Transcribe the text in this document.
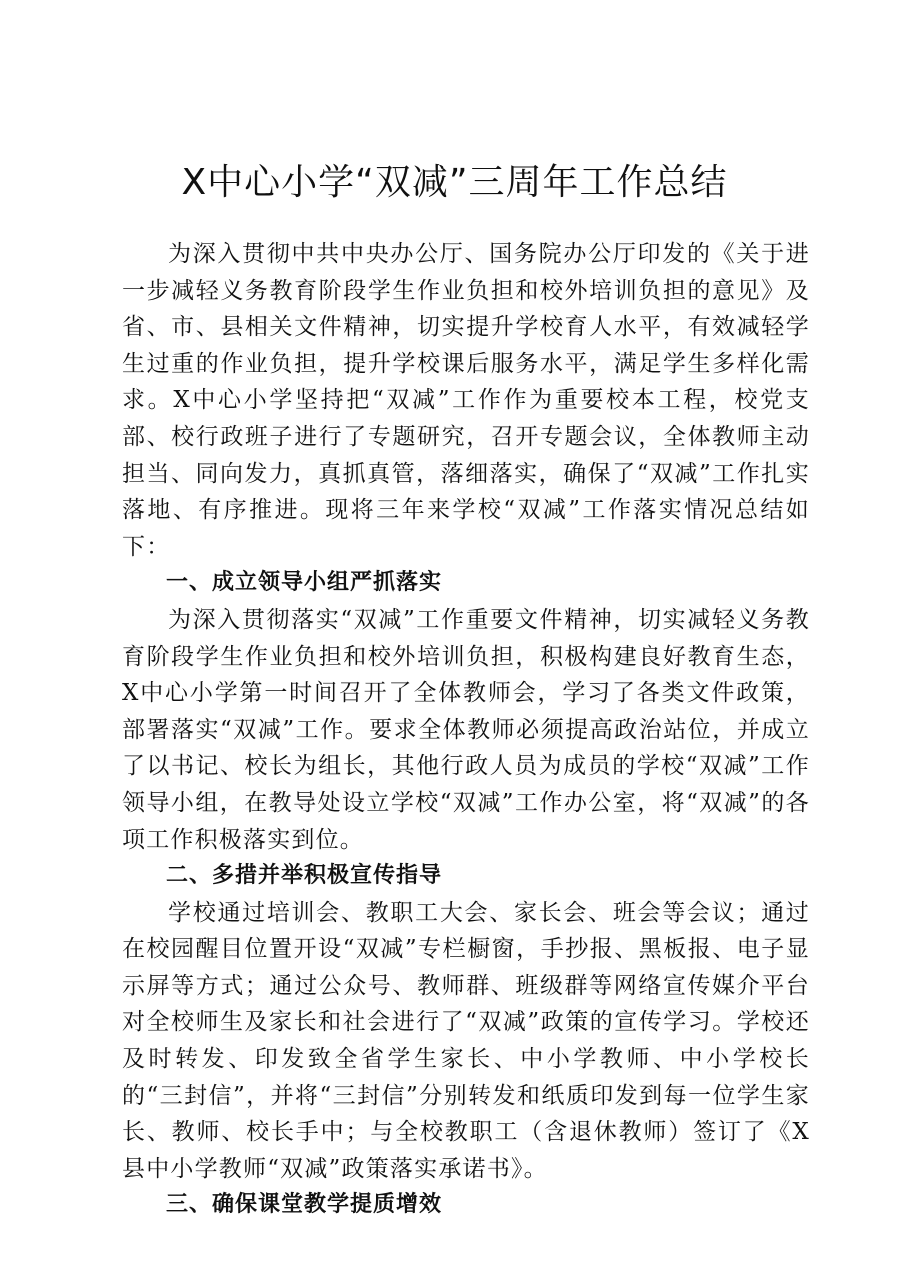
X中心小学“双减”三周年工作总结

为深入贯彻中共中央办公厅、国务院办公厅印发的《关于进一步减轻义务教育阶段学生作业负担和校外培训负担的意见》及省、市、县相关文件精神，切实提升学校育人水平，有效减轻学生过重的作业负担，提升学校课后服务水平，满足学生多样化需求。X中心小学坚持把“双减”工作作为重要校本工程，校党支部、校行政班子进行了专题研究，召开专题会议，全体教师主动担当、同向发力，真抓真管，落细落实，确保了“双减”工作扎实落地、有序推进。现将三年来学校“双减”工作落实情况总结如下：

一、成立领导小组严抓落实

为深入贯彻落实“双减”工作重要文件精神，切实减轻义务教育阶段学生作业负担和校外培训负担，积极构建良好教育生态，X中心小学第一时间召开了全体教师会，学习了各类文件政策，部署落实“双减”工作。要求全体教师必须提高政治站位，并成立了以书记、校长为组长，其他行政人员为成员的学校“双减”工作领导小组，在教导处设立学校“双减”工作办公室，将“双减”的各项工作积极落实到位。

二、多措并举积极宣传指导

学校通过培训会、教职工大会、家长会、班会等会议；通过在校园醒目位置开设“双减”专栏橱窗，手抄报、黑板报、电子显示屏等方式；通过公众号、教师群、班级群等网络宣传媒介平台对全校师生及家长和社会进行了“双减”政策的宣传学习。学校还及时转发、印发致全省学生家长、中小学教师、中小学校长的“三封信”，并将“三封信”分别转发和纸质印发到每一位学生家长、教师、校长手中；与全校教职工（含退休教师）签订了《X县中小学教师“双减”政策落实承诺书》。

三、确保课堂教学提质增效
